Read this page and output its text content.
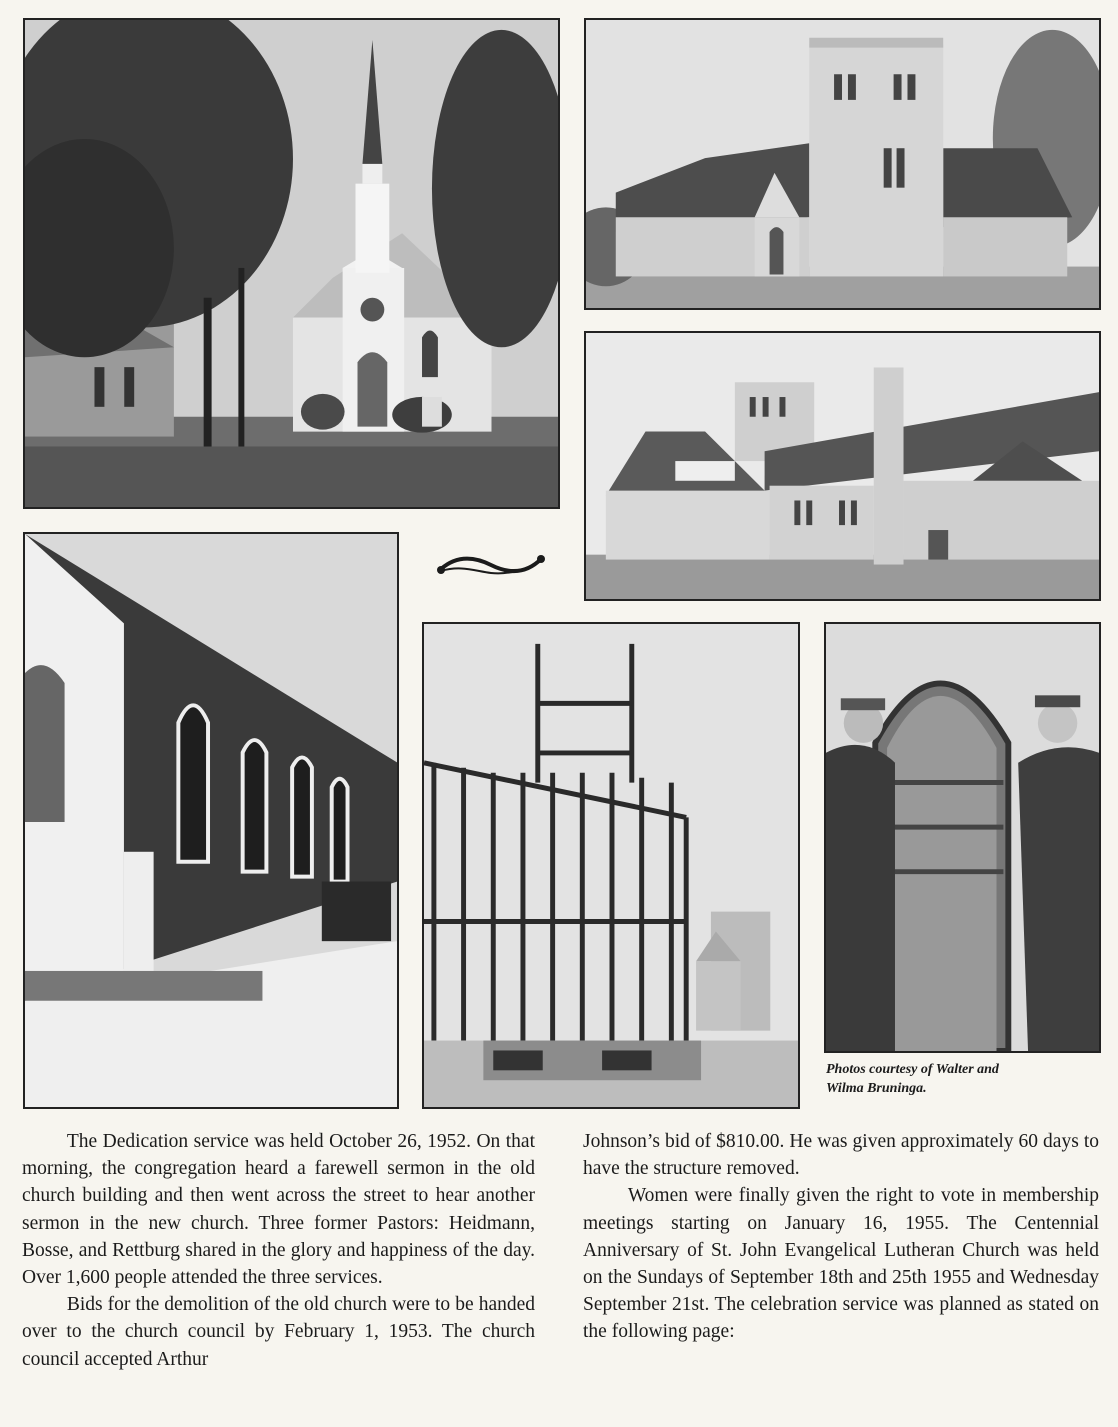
Photos courtesy of Walter and
Wilma Bruninga.

The Dedication service was held October 26, 1952. On that morning, the congregation heard a farewell sermon in the old church building and then went across the street to hear another sermon in the new church. Three former Pastors: Heidmann, Bosse, and Rettburg shared in the glory and happiness of the day. Over 1,600 people attended the three services.

Bids for the demolition of the old church were to be handed over to the church council by February 1, 1953. The church council accepted Arthur

Johnson’s bid of $810.00. He was given approximately 60 days to have the structure removed.

Women were finally given the right to vote in membership meetings starting on January 16, 1955. The Centennial Anniversary of St. John Evangelical Lutheran Church was held on the Sundays of September 18th and 25th 1955 and Wednesday September 21st. The celebration service was planned as stated on the following page:
